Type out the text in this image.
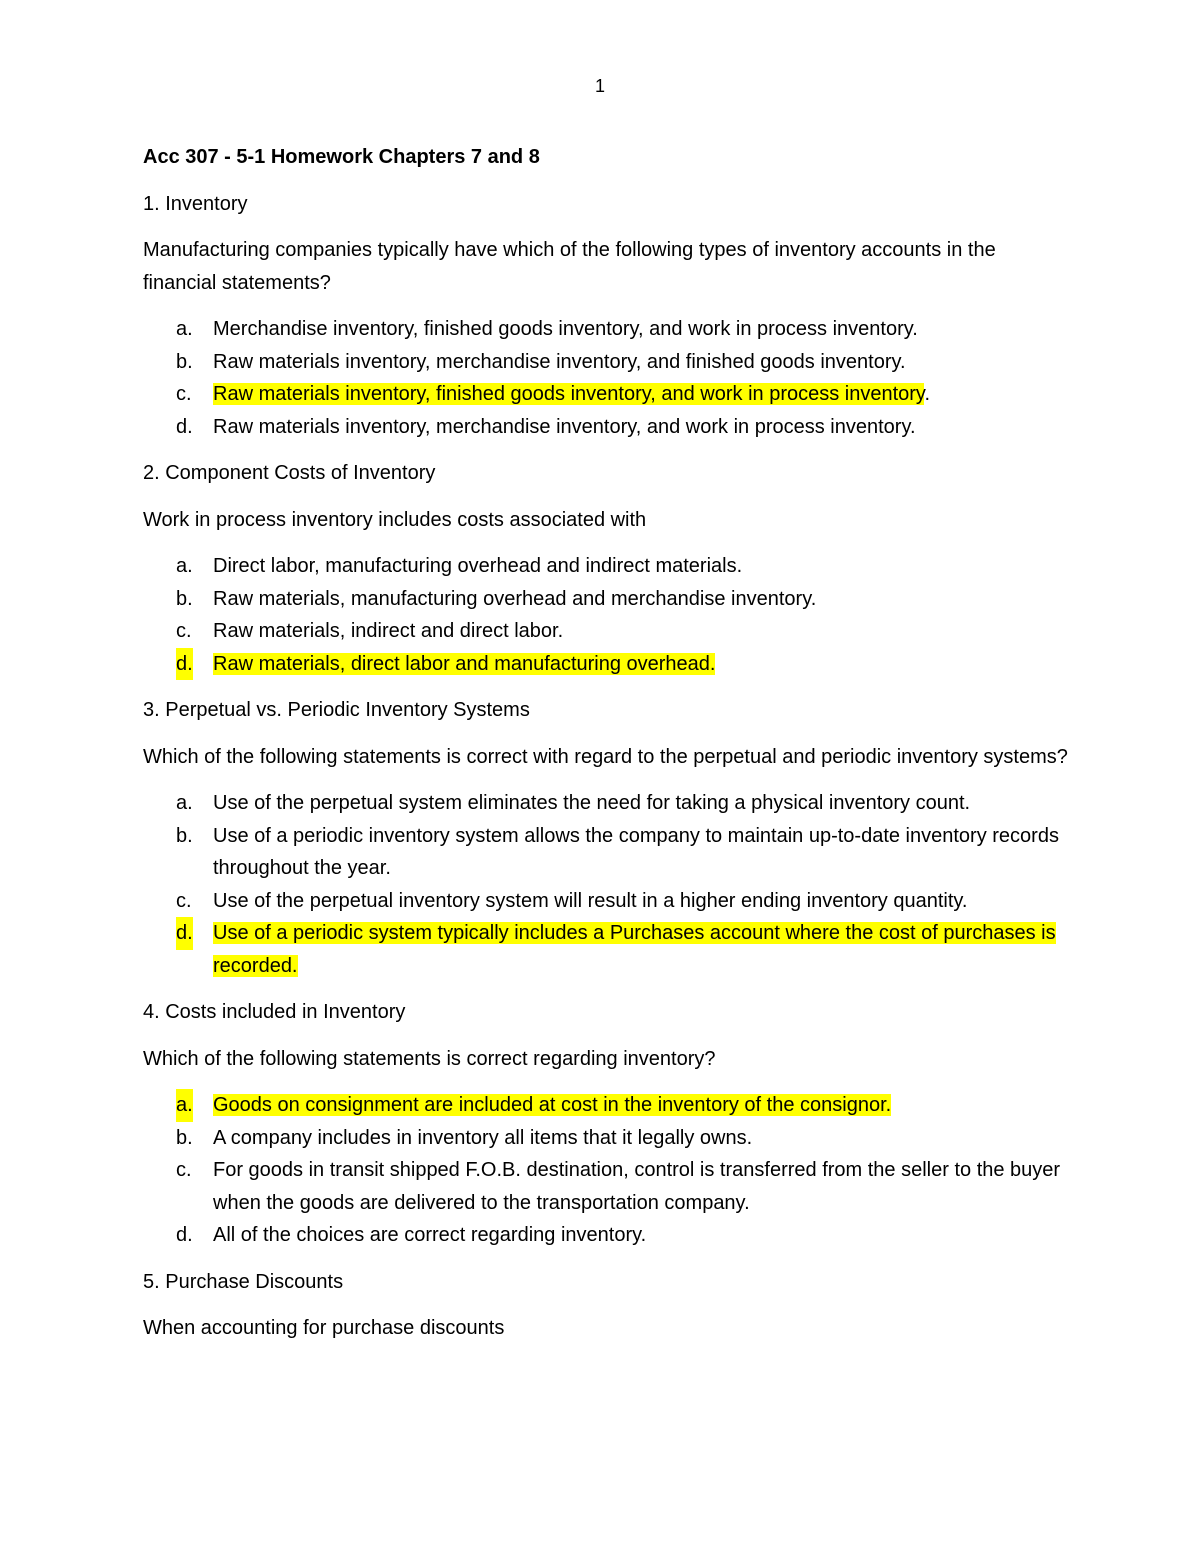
1

Acc 307 - 5-1 Homework Chapters 7 and 8

1. Inventory

Manufacturing companies typically have which of the following types of inventory accounts in the financial statements?

a. Merchandise inventory, finished goods inventory, and work in process inventory.
b. Raw materials inventory, merchandise inventory, and finished goods inventory.
c. Raw materials inventory, finished goods inventory, and work in process inventory.
d. Raw materials inventory, merchandise inventory, and work in process inventory.

2. Component Costs of Inventory

Work in process inventory includes costs associated with

a. Direct labor, manufacturing overhead and indirect materials.
b. Raw materials, manufacturing overhead and merchandise inventory.
c. Raw materials, indirect and direct labor.
d. Raw materials, direct labor and manufacturing overhead.

3. Perpetual vs. Periodic Inventory Systems

Which of the following statements is correct with regard to the perpetual and periodic inventory systems?

a. Use of the perpetual system eliminates the need for taking a physical inventory count.
b. Use of a periodic inventory system allows the company to maintain up-to-date inventory records throughout the year.
c. Use of the perpetual inventory system will result in a higher ending inventory quantity.
d. Use of a periodic system typically includes a Purchases account where the cost of purchases is recorded.

4. Costs included in Inventory

Which of the following statements is correct regarding inventory?

a. Goods on consignment are included at cost in the inventory of the consignor.
b. A company includes in inventory all items that it legally owns.
c. For goods in transit shipped F.O.B. destination, control is transferred from the seller to the buyer when the goods are delivered to the transportation company.
d. All of the choices are correct regarding inventory.

5. Purchase Discounts

When accounting for purchase discounts
